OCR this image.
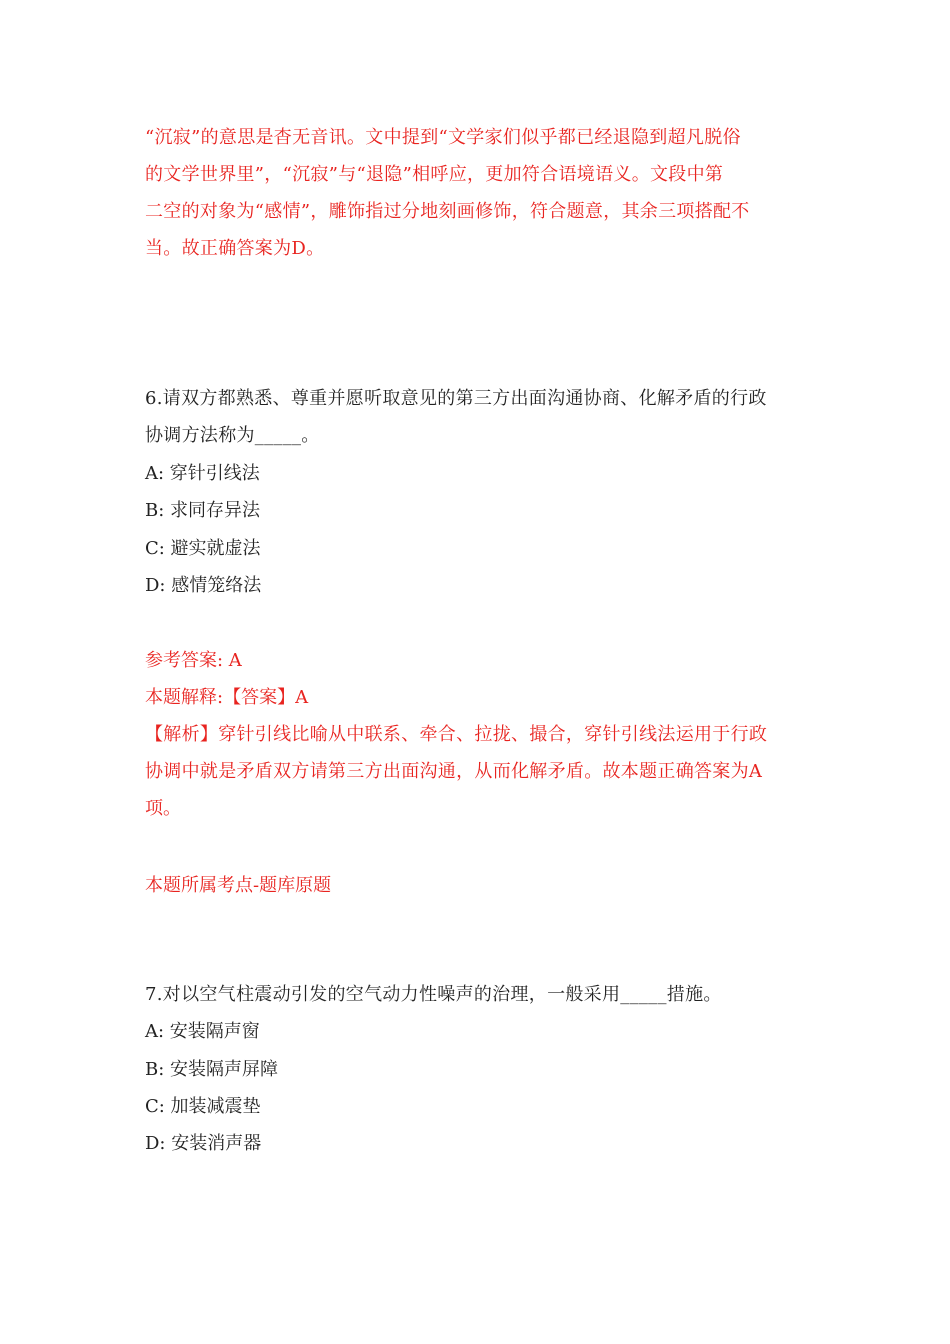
“沉寂”的意思是杳无音讯。文中提到“文学家们似乎都已经退隐到超凡脱俗
的文学世界里”，“沉寂”与“退隐”相呼应，更加符合语境语义。文段中第
二空的对象为“感情”，雕饰指过分地刻画修饰，符合题意，其余三项搭配不
当。故正确答案为D。
6.请双方都熟悉、尊重并愿听取意见的第三方出面沟通协商、化解矛盾的行政
协调方法称为_____。
A: 穿针引线法
B: 求同存异法
C: 避实就虚法
D: 感情笼络法
参考答案: A
本题解释:【答案】A
【解析】穿针引线比喻从中联系、牵合、拉拢、撮合，穿针引线法运用于行政
协调中就是矛盾双方请第三方出面沟通，从而化解矛盾。故本题正确答案为A
项。
本题所属考点-题库原题
7.对以空气柱震动引发的空气动力性噪声的治理，一般采用_____措施。
A: 安装隔声窗
B: 安装隔声屏障
C: 加装减震垫
D: 安装消声器
